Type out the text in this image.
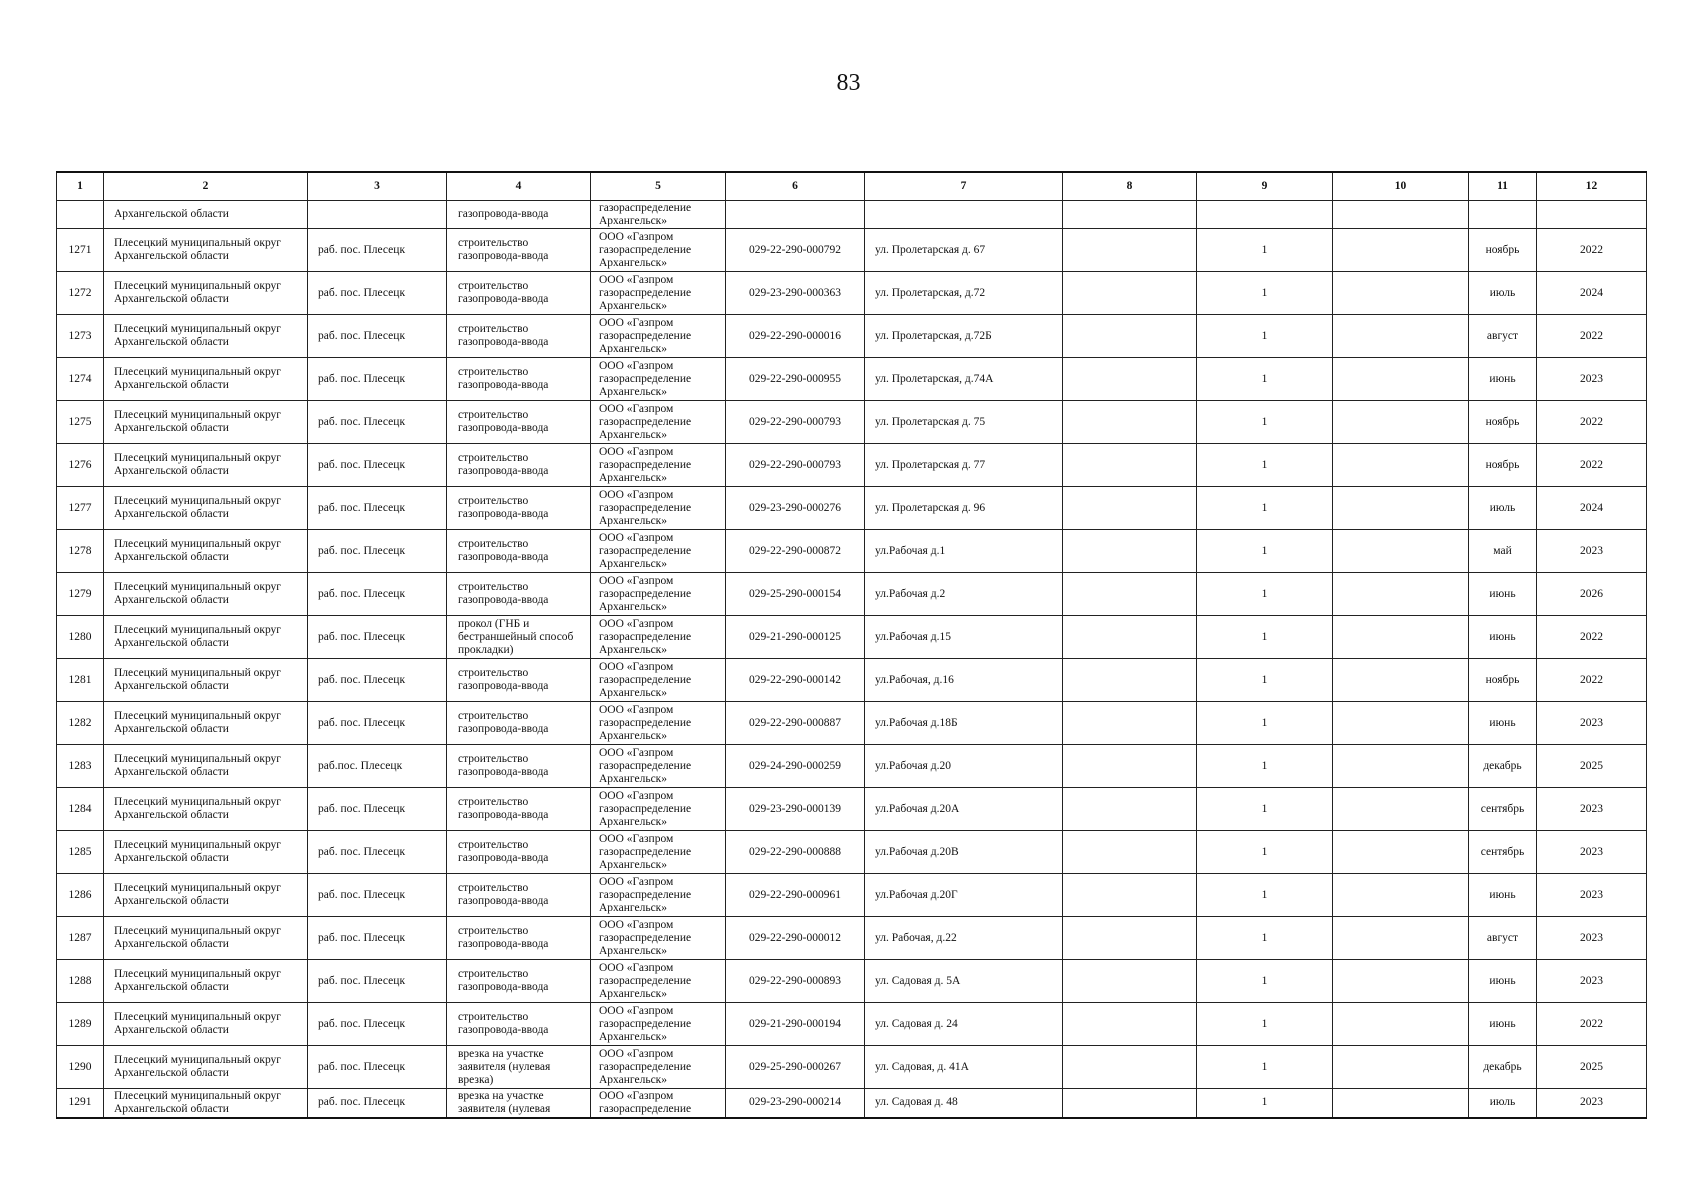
83
1	2	3	4	5	6	7	8	9	10	11	12

	Архангельской области		газопровода-ввода	газораспределение
Архангельск»							

1271	Плесецкий муниципальный округ
Архангельской области	раб. пос. Плесецк	строительство
газопровода-ввода	ООО «Газпром
газораспределение
Архангельск»	029-22-290-000792	ул. Пролетарская д. 67		1		ноябрь	2022

1272	Плесецкий муниципальный округ
Архангельской области	раб. пос. Плесецк	строительство
газопровода-ввода	ООО «Газпром
газораспределение
Архангельск»	029-23-290-000363	ул. Пролетарская, д.72		1		июль	2024

1273	Плесецкий муниципальный округ
Архангельской области	раб. пос. Плесецк	строительство
газопровода-ввода	ООО «Газпром
газораспределение
Архангельск»	029-22-290-000016	ул. Пролетарская, д.72Б		1		август	2022

1274	Плесецкий муниципальный округ
Архангельской области	раб. пос. Плесецк	строительство
газопровода-ввода	ООО «Газпром
газораспределение
Архангельск»	029-22-290-000955	ул. Пролетарская, д.74А		1		июнь	2023

1275	Плесецкий муниципальный округ
Архангельской области	раб. пос. Плесецк	строительство
газопровода-ввода	ООО «Газпром
газораспределение
Архангельск»	029-22-290-000793	ул. Пролетарская д. 75		1		ноябрь	2022

1276	Плесецкий муниципальный округ
Архангельской области	раб. пос. Плесецк	строительство
газопровода-ввода	ООО «Газпром
газораспределение
Архангельск»	029-22-290-000793	ул. Пролетарская д. 77		1		ноябрь	2022

1277	Плесецкий муниципальный округ
Архангельской области	раб. пос. Плесецк	строительство
газопровода-ввода	ООО «Газпром
газораспределение
Архангельск»	029-23-290-000276	ул. Пролетарская д. 96		1		июль	2024

1278	Плесецкий муниципальный округ
Архангельской области	раб. пос. Плесецк	строительство
газопровода-ввода	ООО «Газпром
газораспределение
Архангельск»	029-22-290-000872	ул.Рабочая д.1		1		май	2023

1279	Плесецкий муниципальный округ
Архангельской области	раб. пос. Плесецк	строительство
газопровода-ввода	ООО «Газпром
газораспределение
Архангельск»	029-25-290-000154	ул.Рабочая д.2		1		июнь	2026

1280	Плесецкий муниципальный округ
Архангельской области	раб. пос. Плесецк	прокол (ГНБ и
бестраншейный способ
прокладки)	ООО «Газпром
газораспределение
Архангельск»	029-21-290-000125	ул.Рабочая д.15		1		июнь	2022

1281	Плесецкий муниципальный округ
Архангельской области	раб. пос. Плесецк	строительство
газопровода-ввода	ООО «Газпром
газораспределение
Архангельск»	029-22-290-000142	ул.Рабочая, д.16		1		ноябрь	2022

1282	Плесецкий муниципальный округ
Архангельской области	раб. пос. Плесецк	строительство
газопровода-ввода	ООО «Газпром
газораспределение
Архангельск»	029-22-290-000887	ул.Рабочая д.18Б		1		июнь	2023

1283	Плесецкий муниципальный округ
Архангельской области	раб.пос. Плесецк	строительство
газопровода-ввода	ООО «Газпром
газораспределение
Архангельск»	029-24-290-000259	ул.Рабочая д.20		1		декабрь	2025

1284	Плесецкий муниципальный округ
Архангельской области	раб. пос. Плесецк	строительство
газопровода-ввода	ООО «Газпром
газораспределение
Архангельск»	029-23-290-000139	ул.Рабочая д.20А		1		сентябрь	2023

1285	Плесецкий муниципальный округ
Архангельской области	раб. пос. Плесецк	строительство
газопровода-ввода	ООО «Газпром
газораспределение
Архангельск»	029-22-290-000888	ул.Рабочая д.20В		1		сентябрь	2023

1286	Плесецкий муниципальный округ
Архангельской области	раб. пос. Плесецк	строительство
газопровода-ввода	ООО «Газпром
газораспределение
Архангельск»	029-22-290-000961	ул.Рабочая д.20Г		1		июнь	2023

1287	Плесецкий муниципальный округ
Архангельской области	раб. пос. Плесецк	строительство
газопровода-ввода	ООО «Газпром
газораспределение
Архангельск»	029-22-290-000012	ул. Рабочая, д.22		1		август	2023

1288	Плесецкий муниципальный округ
Архангельской области	раб. пос. Плесецк	строительство
газопровода-ввода	ООО «Газпром
газораспределение
Архангельск»	029-22-290-000893	ул. Садовая д. 5А		1		июнь	2023

1289	Плесецкий муниципальный округ
Архангельской области	раб. пос. Плесецк	строительство
газопровода-ввода	ООО «Газпром
газораспределение
Архангельск»	029-21-290-000194	ул. Садовая д. 24		1		июнь	2022

1290	Плесецкий муниципальный округ
Архангельской области	раб. пос. Плесецк	врезка на участке
заявителя (нулевая
врезка)	ООО «Газпром
газораспределение
Архангельск»	029-25-290-000267	ул. Садовая, д. 41А		1		декабрь	2025

1291	Плесецкий муниципальный округ
Архангельской области	раб. пос. Плесецк	врезка на участке
заявителя (нулевая	ООО «Газпром
газораспределение	029-23-290-000214	ул. Садовая д. 48		1		июль	2023
